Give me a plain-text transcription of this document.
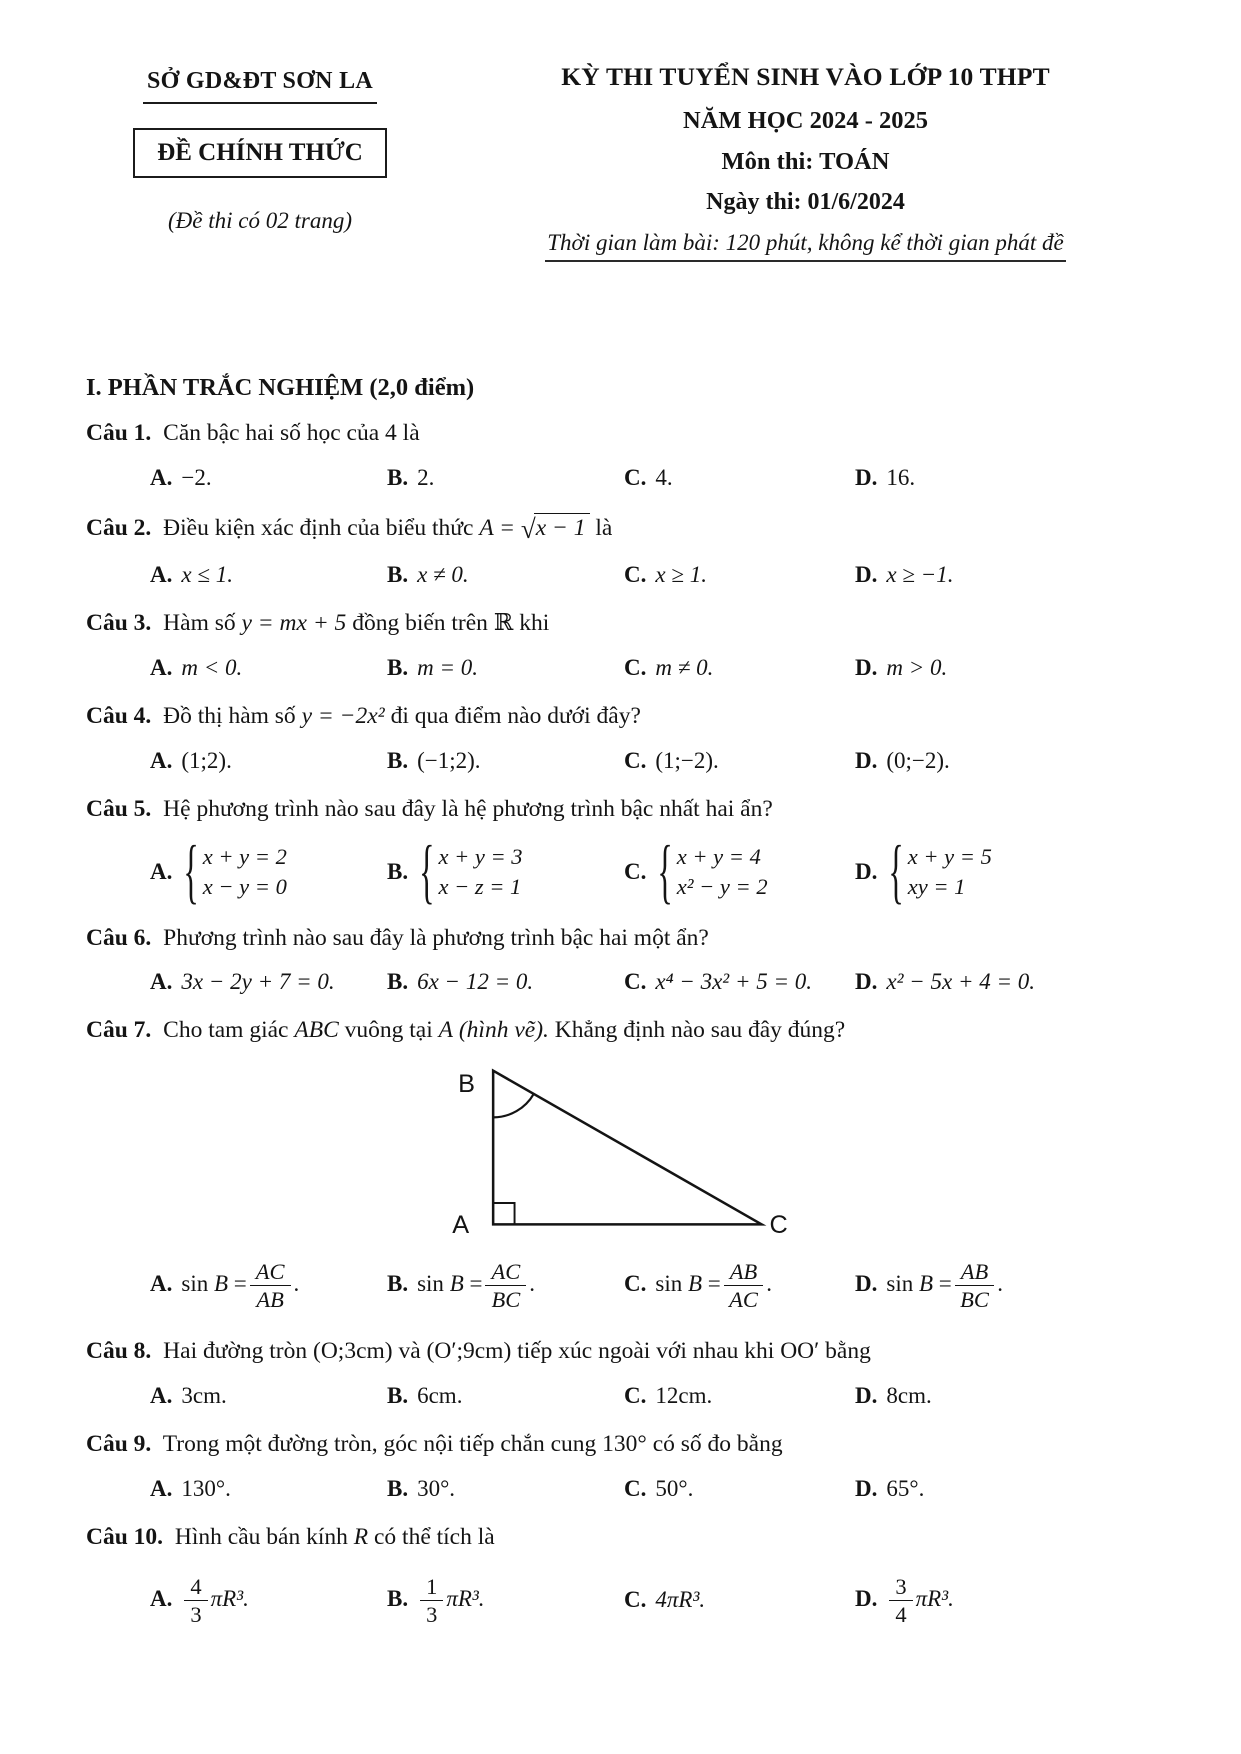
SỞ GD&ĐT SƠN LA
ĐỀ CHÍNH THỨC
(Đề thi có 02 trang)
KỲ THI TUYỂN SINH VÀO LỚP 10 THPT
NĂM HỌC 2024 - 2025
Môn thi: TOÁN
Ngày thi: 01/6/2024
Thời gian làm bài: 120 phút, không kể thời gian phát đề
I. PHẦN TRẮC NGHIỆM (2,0 điểm)

Câu 1. Căn bậc hai số học của 4 là

A. −2.	B. 2.	C. 4.	D. 16.

Câu 2. Điều kiện xác định của biểu thức A = √x − 1 là

A. x ≤ 1.	B. x ≠ 0.	C. x ≥ 1.	D. x ≥ −1.

Câu 3. Hàm số y = mx + 5 đồng biến trên ℝ khi

A. m < 0.	B. m = 0.	C. m ≠ 0.	D. m > 0.

Câu 4. Đồ thị hàm số y = −2x² đi qua điểm nào dưới đây?

A. (1;2).	B. (−1;2).	C. (1;−2).	D. (0;−2).

Câu 5. Hệ phương trình nào sau đây là hệ phương trình bậc nhất hai ẩn?

A. { x + y = 2
x − y = 0
B. { x + y = 3
x − z = 1
C. { x + y = 4
x² − y = 2
D. { x + y = 5
xy = 1

Câu 6. Phương trình nào sau đây là phương trình bậc hai một ẩn?

A. 3x − 2y + 7 = 0.	B. 6x − 12 = 0.	C. x⁴ − 3x² + 5 = 0.	D. x² − 5x + 4 = 0.

Câu 7. Cho tam giác ABC vuông tại A (hình vẽ). Khẳng định nào sau đây đúng?

B
A	C
A. $\sin B = \frac{AC}{AB}$ .	B. $\sin B = \frac{AC}{BC}$ .	C. $\sin B = \frac{AB}{AC}$ .	D. $\sin B = \frac{AB}{BC}$ .

Câu 8. Hai đường tròn (O;3cm) và (O′;9cm) tiếp xúc ngoài với nhau khi OO′ bằng

A. 3cm.	B. 6cm.	C. 12cm.	D. 8cm.

Câu 9. Trong một đường tròn, góc nội tiếp chắn cung 130° có số đo bằng

A. 130°.	B. 30°.	C. 50°.	D. 65°.

Câu 10. Hình cầu bán kính R có thể tích là

A. $\frac{4}{3} \pi R^3$.	B. $\frac{1}{3} \pi R^3$.	C. 4πR³.	D. $\frac{3}{4} \pi R^3$.
